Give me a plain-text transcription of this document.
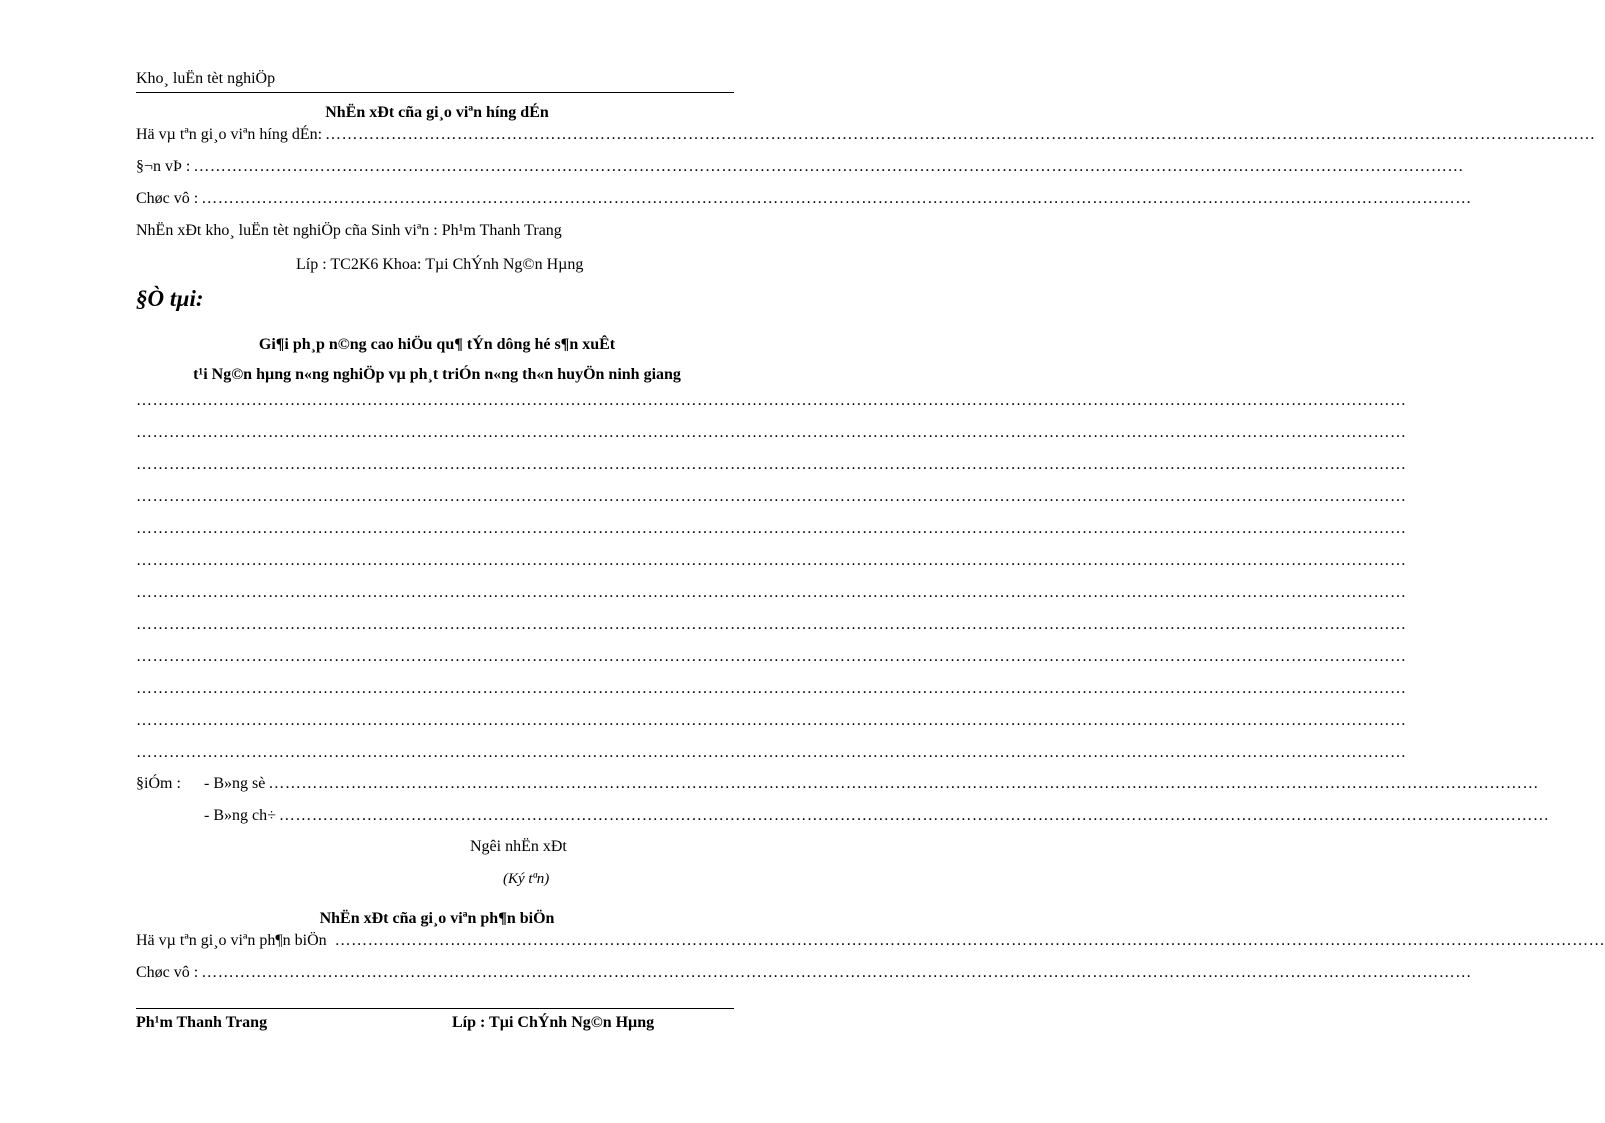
Kho¸ luËn tèt nghiÖp
NhËn xÐt cña gi¸o viªn híng dÉn
Hä vµ tªn gi¸o viªn híng dÉn: ……………………………………………………………………………………………………………………………………………………………………………………………………………
§¬n vÞ : ……………………………………………………………………………………………………………………………………………………………………………………………………………
Chøc vô : ……………………………………………………………………………………………………………………………………………………………………………………………………………
NhËn xÐt kho¸ luËn tèt nghiÖp cña Sinh viªn : Ph¹m Thanh Trang
Líp : TC2K6 Khoa: Tµi ChÝnh Ng©n Hµng
§Ò tµi:
Gi¶i ph¸p n©ng cao hiÖu qu¶ tÝn dông hé s¶n xuÊt
t¹i Ng©n hµng n«ng nghiÖp vµ ph¸t triÓn n«ng th«n huyÖn ninh giang
……………………………………………………………………………………………………………………………………………………………………………………………………………
……………………………………………………………………………………………………………………………………………………………………………………………………………
……………………………………………………………………………………………………………………………………………………………………………………………………………
……………………………………………………………………………………………………………………………………………………………………………………………………………
……………………………………………………………………………………………………………………………………………………………………………………………………………
……………………………………………………………………………………………………………………………………………………………………………………………………………
……………………………………………………………………………………………………………………………………………………………………………………………………………
……………………………………………………………………………………………………………………………………………………………………………………………………………
……………………………………………………………………………………………………………………………………………………………………………………………………………
……………………………………………………………………………………………………………………………………………………………………………………………………………
……………………………………………………………………………………………………………………………………………………………………………………………………………
……………………………………………………………………………………………………………………………………………………………………………………………………………
§iÓm :	- B»ng sè ……………………………………………………………………………………………………………………………………………………………………………………………………………
- B»ng ch÷ ……………………………………………………………………………………………………………………………………………………………………………………………………………
Ngêi nhËn xÐt
(Ký tªn)
NhËn xÐt cña gi¸o viªn ph¶n biÖn
Hä vµ tªn gi¸o viªn ph¶n biÖn ……………………………………………………………………………………………………………………………………………………………………………………………………………
Chøc vô : ……………………………………………………………………………………………………………………………………………………………………………………………………………
Ph¹m Thanh Trang	Líp : Tµi ChÝnh Ng©n Hµng
